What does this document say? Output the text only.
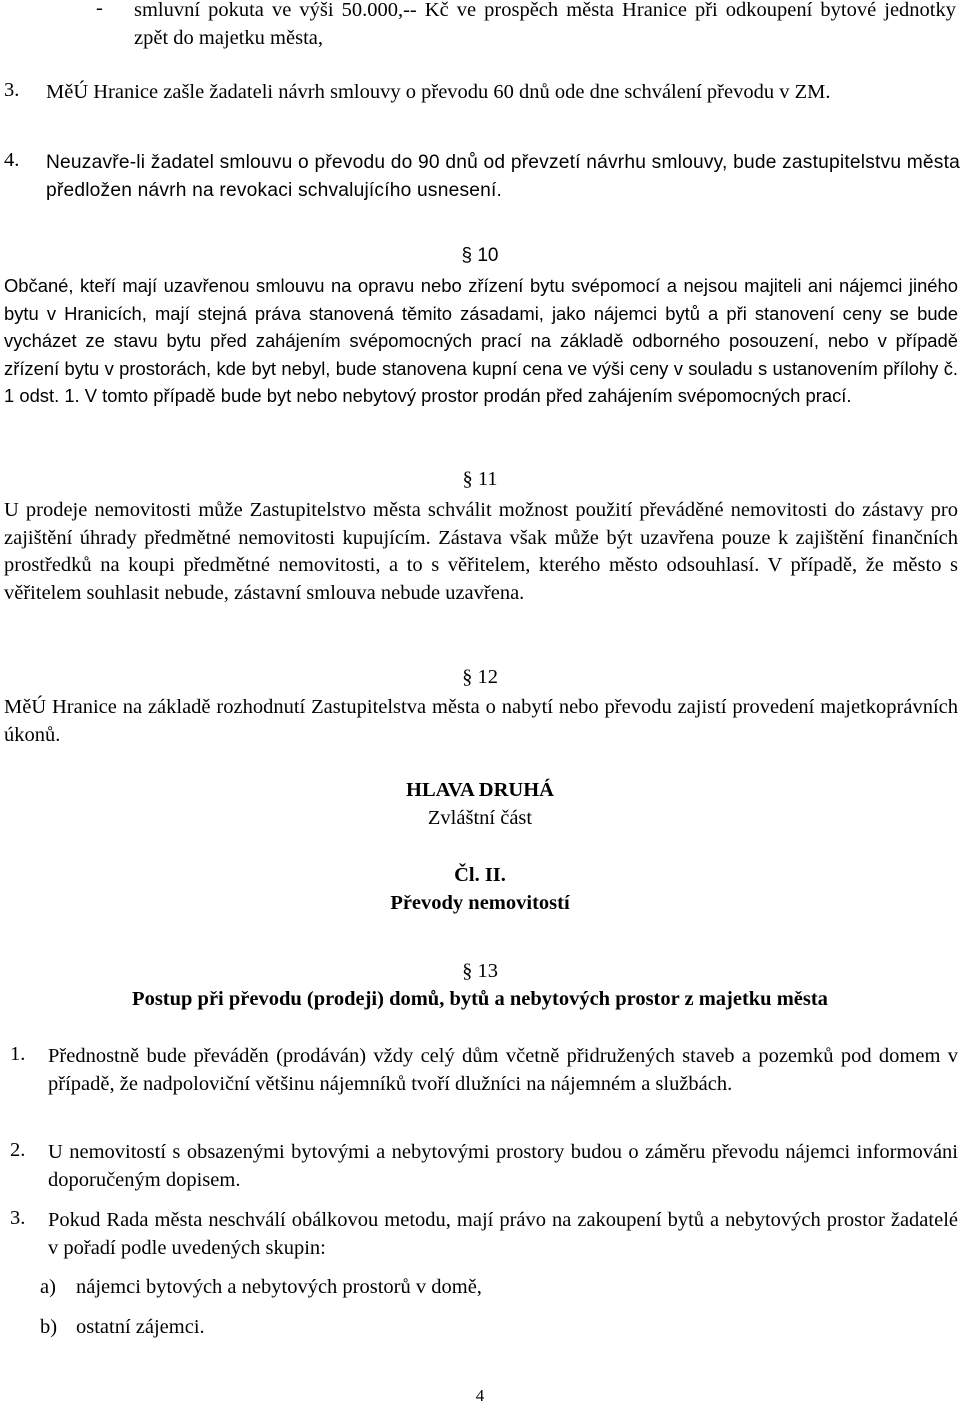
- smluvní pokuta ve výši 50.000,-- Kč ve prospěch města Hranice při odkoupení bytové jednotky zpět do majetku města,

3. MěÚ Hranice zašle žadateli návrh smlouvy o převodu 60 dnů ode dne schválení převodu v ZM.

4. Neuzavře-li žadatel smlouvu o převodu do 90 dnů od převzetí návrhu smlouvy, bude zastupitelstvu města předložen návrh na revokaci schvalujícího usnesení.

§ 10

Občané, kteří mají uzavřenou smlouvu na opravu nebo zřízení bytu svépomocí a nejsou majiteli ani nájemci jiného bytu v Hranicích, mají stejná práva stanovená těmito zásadami, jako nájemci bytů a při stanovení ceny se bude vycházet ze stavu bytu před zahájením svépomocných prací na základě odborného posouzení, nebo v případě zřízení bytu v prostorách, kde byt nebyl, bude stanovena kupní cena ve výši ceny v souladu s ustanovením přílohy č. 1 odst. 1. V tomto případě bude byt nebo nebytový prostor prodán před zahájením svépomocných prací.

§ 11

U prodeje nemovitosti může Zastupitelstvo města schválit možnost použití převáděné nemovitosti do zástavy pro zajištění úhrady předmětné nemovitosti kupujícím. Zástava však může být uzavřena pouze k zajištění finančních prostředků na koupi předmětné nemovitosti, a to s věřitelem, kterého město odsouhlasí. V případě, že město s věřitelem souhlasit nebude, zástavní smlouva nebude uzavřena.

§ 12

MěÚ Hranice na základě rozhodnutí Zastupitelstva města o nabytí nebo převodu zajistí provedení majetkoprávních úkonů.

HLAVA DRUHÁ

Zvláštní část

Čl. II.

Převody nemovitostí

§ 13

Postup při převodu (prodeji) domů, bytů a nebytových prostor z majetku města

1. Přednostně bude převáděn (prodáván) vždy celý dům včetně přidružených staveb a pozemků pod domem v případě, že nadpoloviční většinu nájemníků tvoří dlužníci na nájemném a službách.

2. U nemovitostí s obsazenými bytovými a nebytovými prostory budou o záměru převodu nájemci informováni doporučeným dopisem.

3. Pokud Rada města neschválí obálkovou metodu, mají právo na zakoupení bytů a nebytových prostor žadatelé v pořadí podle uvedených skupin:

a) nájemci bytových a nebytových prostorů v domě,
b) ostatní zájemci.

4
